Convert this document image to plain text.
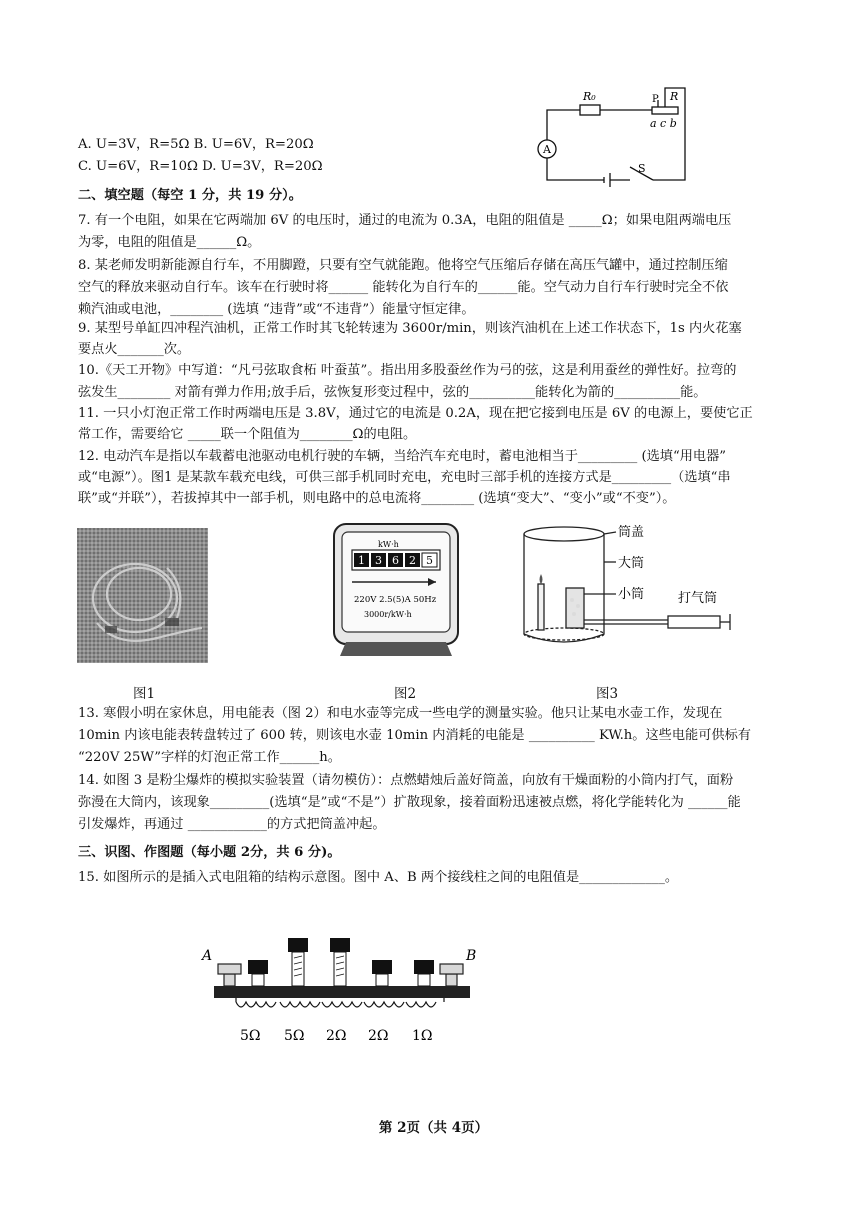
R₀	P R
a c b
A
S
A. U=3V，R=5Ω B. U=6V，R=20Ω
C. U=6V，R=10Ω D. U=3V，R=20Ω
二、填空题（每空 1 分，共 19 分）。
7. 有一个电阻，如果在它两端加 6V 的电压时，通过的电流为 0.3A，电阻的阻值是 _____Ω；如果电阻两端电压
为零，电阻的阻值是______Ω。
8. 某老师发明新能源自行车，不用脚蹬，只要有空气就能跑。他将空气压缩后存储在高压气罐中，通过控制压缩
空气的释放来驱动自行车。该车在行驶时将______ 能转化为自行车的______能。空气动力自行车行驶时完全不依
赖汽油或电池，________ (选填 “违背”或“不违背”）能量守恒定律。
9. 某型号单缸四冲程汽油机，正常工作时其飞轮转速为 3600r/min，则该汽油机在上述工作状态下，1s 内火花塞
要点火_______次。
10.《天工开物》中写道：“凡弓弦取食柘 叶蚕茧”。指出用多股蚕丝作为弓的弦，这是利用蚕丝的弹性好。拉弯的
弦发生________ 对箭有弹力作用;放手后，弦恢复形变过程中，弦的__________能转化为箭的__________能。
11. 一只小灯泡正常工作时两端电压是 3.8V，通过它的电流是 0.2A，现在把它接到电压是 6V 的电源上，要使它正
常工作，需要给它 _____联一个阻值为________Ω的电阻。
12. 电动汽车是指以车载蓄电池驱动电机行驶的车辆，当给汽车充电时，蓄电池相当于_________ (选填“用电器”
或“电源”）。图1 是某款车载充电线，可供三部手机同时充电，充电时三部手机的连接方式是_________（选填“串
联”或“并联”），若拔掉其中一部手机，则电路中的总电流将________ (选填“变大”、“变小”或“不变”）。
kW·h
1 3 6 2 5
220V 2.5(5)A 50Hz
3000r/kW·h
筒盖
大筒
小筒	打气筒
图1	图2	图3
13. 寒假小明在家休息，用电能表（图 2）和电水壶等完成一些电学的测量实验。他只让某电水壶工作，发现在
10min 内该电能表转盘转过了 600 转，则该电水壶 10min 内消耗的电能是 __________ KW.h。这些电能可供标有
“220V 25W”字样的灯泡正常工作______h。
14. 如图 3 是粉尘爆炸的模拟实验装置（请勿模仿）：点燃蜡烛后盖好筒盖，向放有干燥面粉的小筒内打气，面粉
弥漫在大筒内，该现象_________(选填“是”或“不是”）扩散现象，接着面粉迅速被点燃，将化学能转化为 ______能
引发爆炸，再通过 ____________的方式把筒盖冲起。
三、识图、作图题（每小题 2分，共 6 分)。
15. 如图所示的是插入式电阻箱的结构示意图。图中 A、B 两个接线柱之间的电阻值是_____________。
A	B
5Ω 5Ω 2Ω 2Ω 1Ω
第 2页（共 4页）
